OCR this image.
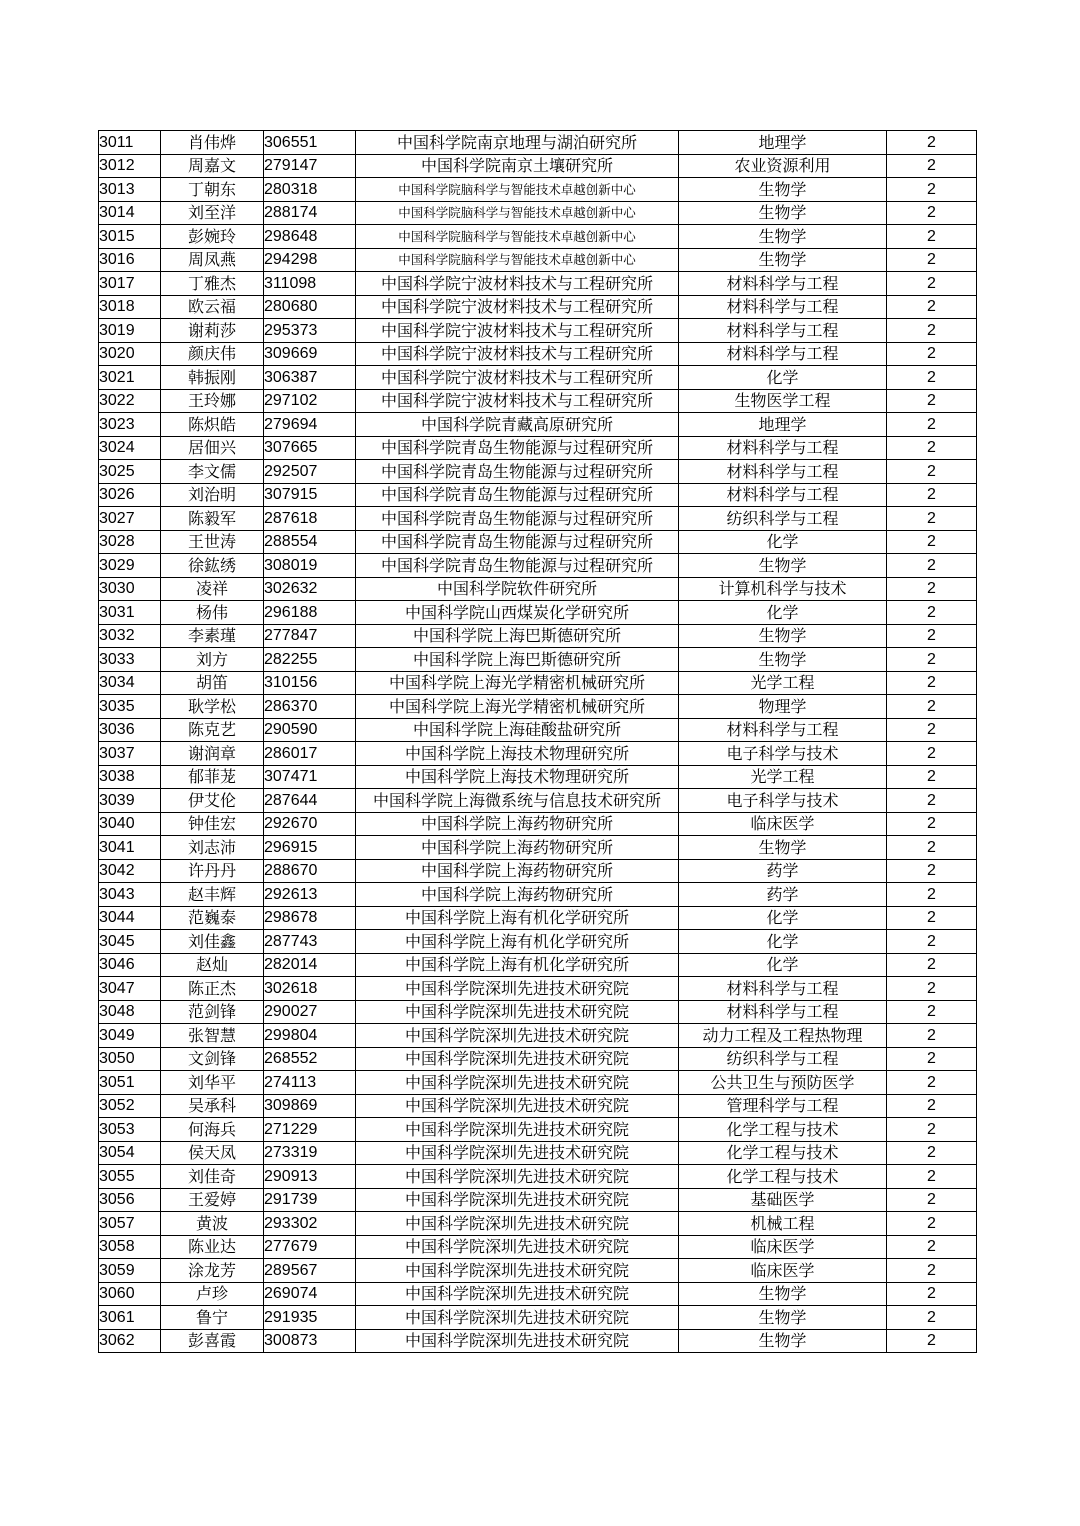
3011	肖伟烨	306551	中国科学院南京地理与湖泊研究所	地理学	2
3012	周嘉文	279147	中国科学院南京土壤研究所	农业资源利用	2
3013	丁朝东	280318	中国科学院脑科学与智能技术卓越创新中心	生物学	2
3014	刘至洋	288174	中国科学院脑科学与智能技术卓越创新中心	生物学	2
3015	彭婉玲	298648	中国科学院脑科学与智能技术卓越创新中心	生物学	2
3016	周凤燕	294298	中国科学院脑科学与智能技术卓越创新中心	生物学	2
3017	丁雅杰	311098	中国科学院宁波材料技术与工程研究所	材料科学与工程	2
3018	欧云福	280680	中国科学院宁波材料技术与工程研究所	材料科学与工程	2
3019	谢莉莎	295373	中国科学院宁波材料技术与工程研究所	材料科学与工程	2
3020	颜庆伟	309669	中国科学院宁波材料技术与工程研究所	材料科学与工程	2
3021	韩振刚	306387	中国科学院宁波材料技术与工程研究所	化学	2
3022	王玲娜	297102	中国科学院宁波材料技术与工程研究所	生物医学工程	2
3023	陈炽皓	279694	中国科学院青藏高原研究所	地理学	2
3024	居佃兴	307665	中国科学院青岛生物能源与过程研究所	材料科学与工程	2
3025	李文儒	292507	中国科学院青岛生物能源与过程研究所	材料科学与工程	2
3026	刘治明	307915	中国科学院青岛生物能源与过程研究所	材料科学与工程	2
3027	陈毅军	287618	中国科学院青岛生物能源与过程研究所	纺织科学与工程	2
3028	王世涛	288554	中国科学院青岛生物能源与过程研究所	化学	2
3029	徐鈜绣	308019	中国科学院青岛生物能源与过程研究所	生物学	2
3030	凌祥	302632	中国科学院软件研究所	计算机科学与技术	2
3031	杨伟	296188	中国科学院山西煤炭化学研究所	化学	2
3032	李素瑾	277847	中国科学院上海巴斯德研究所	生物学	2
3033	刘方	282255	中国科学院上海巴斯德研究所	生物学	2
3034	胡笛	310156	中国科学院上海光学精密机械研究所	光学工程	2
3035	耿学松	286370	中国科学院上海光学精密机械研究所	物理学	2
3036	陈克艺	290590	中国科学院上海硅酸盐研究所	材料科学与工程	2
3037	谢润章	286017	中国科学院上海技术物理研究所	电子科学与技术	2
3038	郁菲茏	307471	中国科学院上海技术物理研究所	光学工程	2
3039	伊艾伦	287644	中国科学院上海微系统与信息技术研究所	电子科学与技术	2
3040	钟佳宏	292670	中国科学院上海药物研究所	临床医学	2
3041	刘志沛	296915	中国科学院上海药物研究所	生物学	2
3042	许丹丹	288670	中国科学院上海药物研究所	药学	2
3043	赵丰辉	292613	中国科学院上海药物研究所	药学	2
3044	范巍泰	298678	中国科学院上海有机化学研究所	化学	2
3045	刘佳鑫	287743	中国科学院上海有机化学研究所	化学	2
3046	赵灿	282014	中国科学院上海有机化学研究所	化学	2
3047	陈正杰	302618	中国科学院深圳先进技术研究院	材料科学与工程	2
3048	范剑锋	290027	中国科学院深圳先进技术研究院	材料科学与工程	2
3049	张智慧	299804	中国科学院深圳先进技术研究院	动力工程及工程热物理	2
3050	文剑锋	268552	中国科学院深圳先进技术研究院	纺织科学与工程	2
3051	刘华平	274113	中国科学院深圳先进技术研究院	公共卫生与预防医学	2
3052	吴承科	309869	中国科学院深圳先进技术研究院	管理科学与工程	2
3053	何海兵	271229	中国科学院深圳先进技术研究院	化学工程与技术	2
3054	侯天凤	273319	中国科学院深圳先进技术研究院	化学工程与技术	2
3055	刘佳奇	290913	中国科学院深圳先进技术研究院	化学工程与技术	2
3056	王爱婷	291739	中国科学院深圳先进技术研究院	基础医学	2
3057	黄波	293302	中国科学院深圳先进技术研究院	机械工程	2
3058	陈业达	277679	中国科学院深圳先进技术研究院	临床医学	2
3059	涂龙芳	289567	中国科学院深圳先进技术研究院	临床医学	2
3060	卢珍	269074	中国科学院深圳先进技术研究院	生物学	2
3061	鲁宁	291935	中国科学院深圳先进技术研究院	生物学	2
3062	彭喜霞	300873	中国科学院深圳先进技术研究院	生物学	2
